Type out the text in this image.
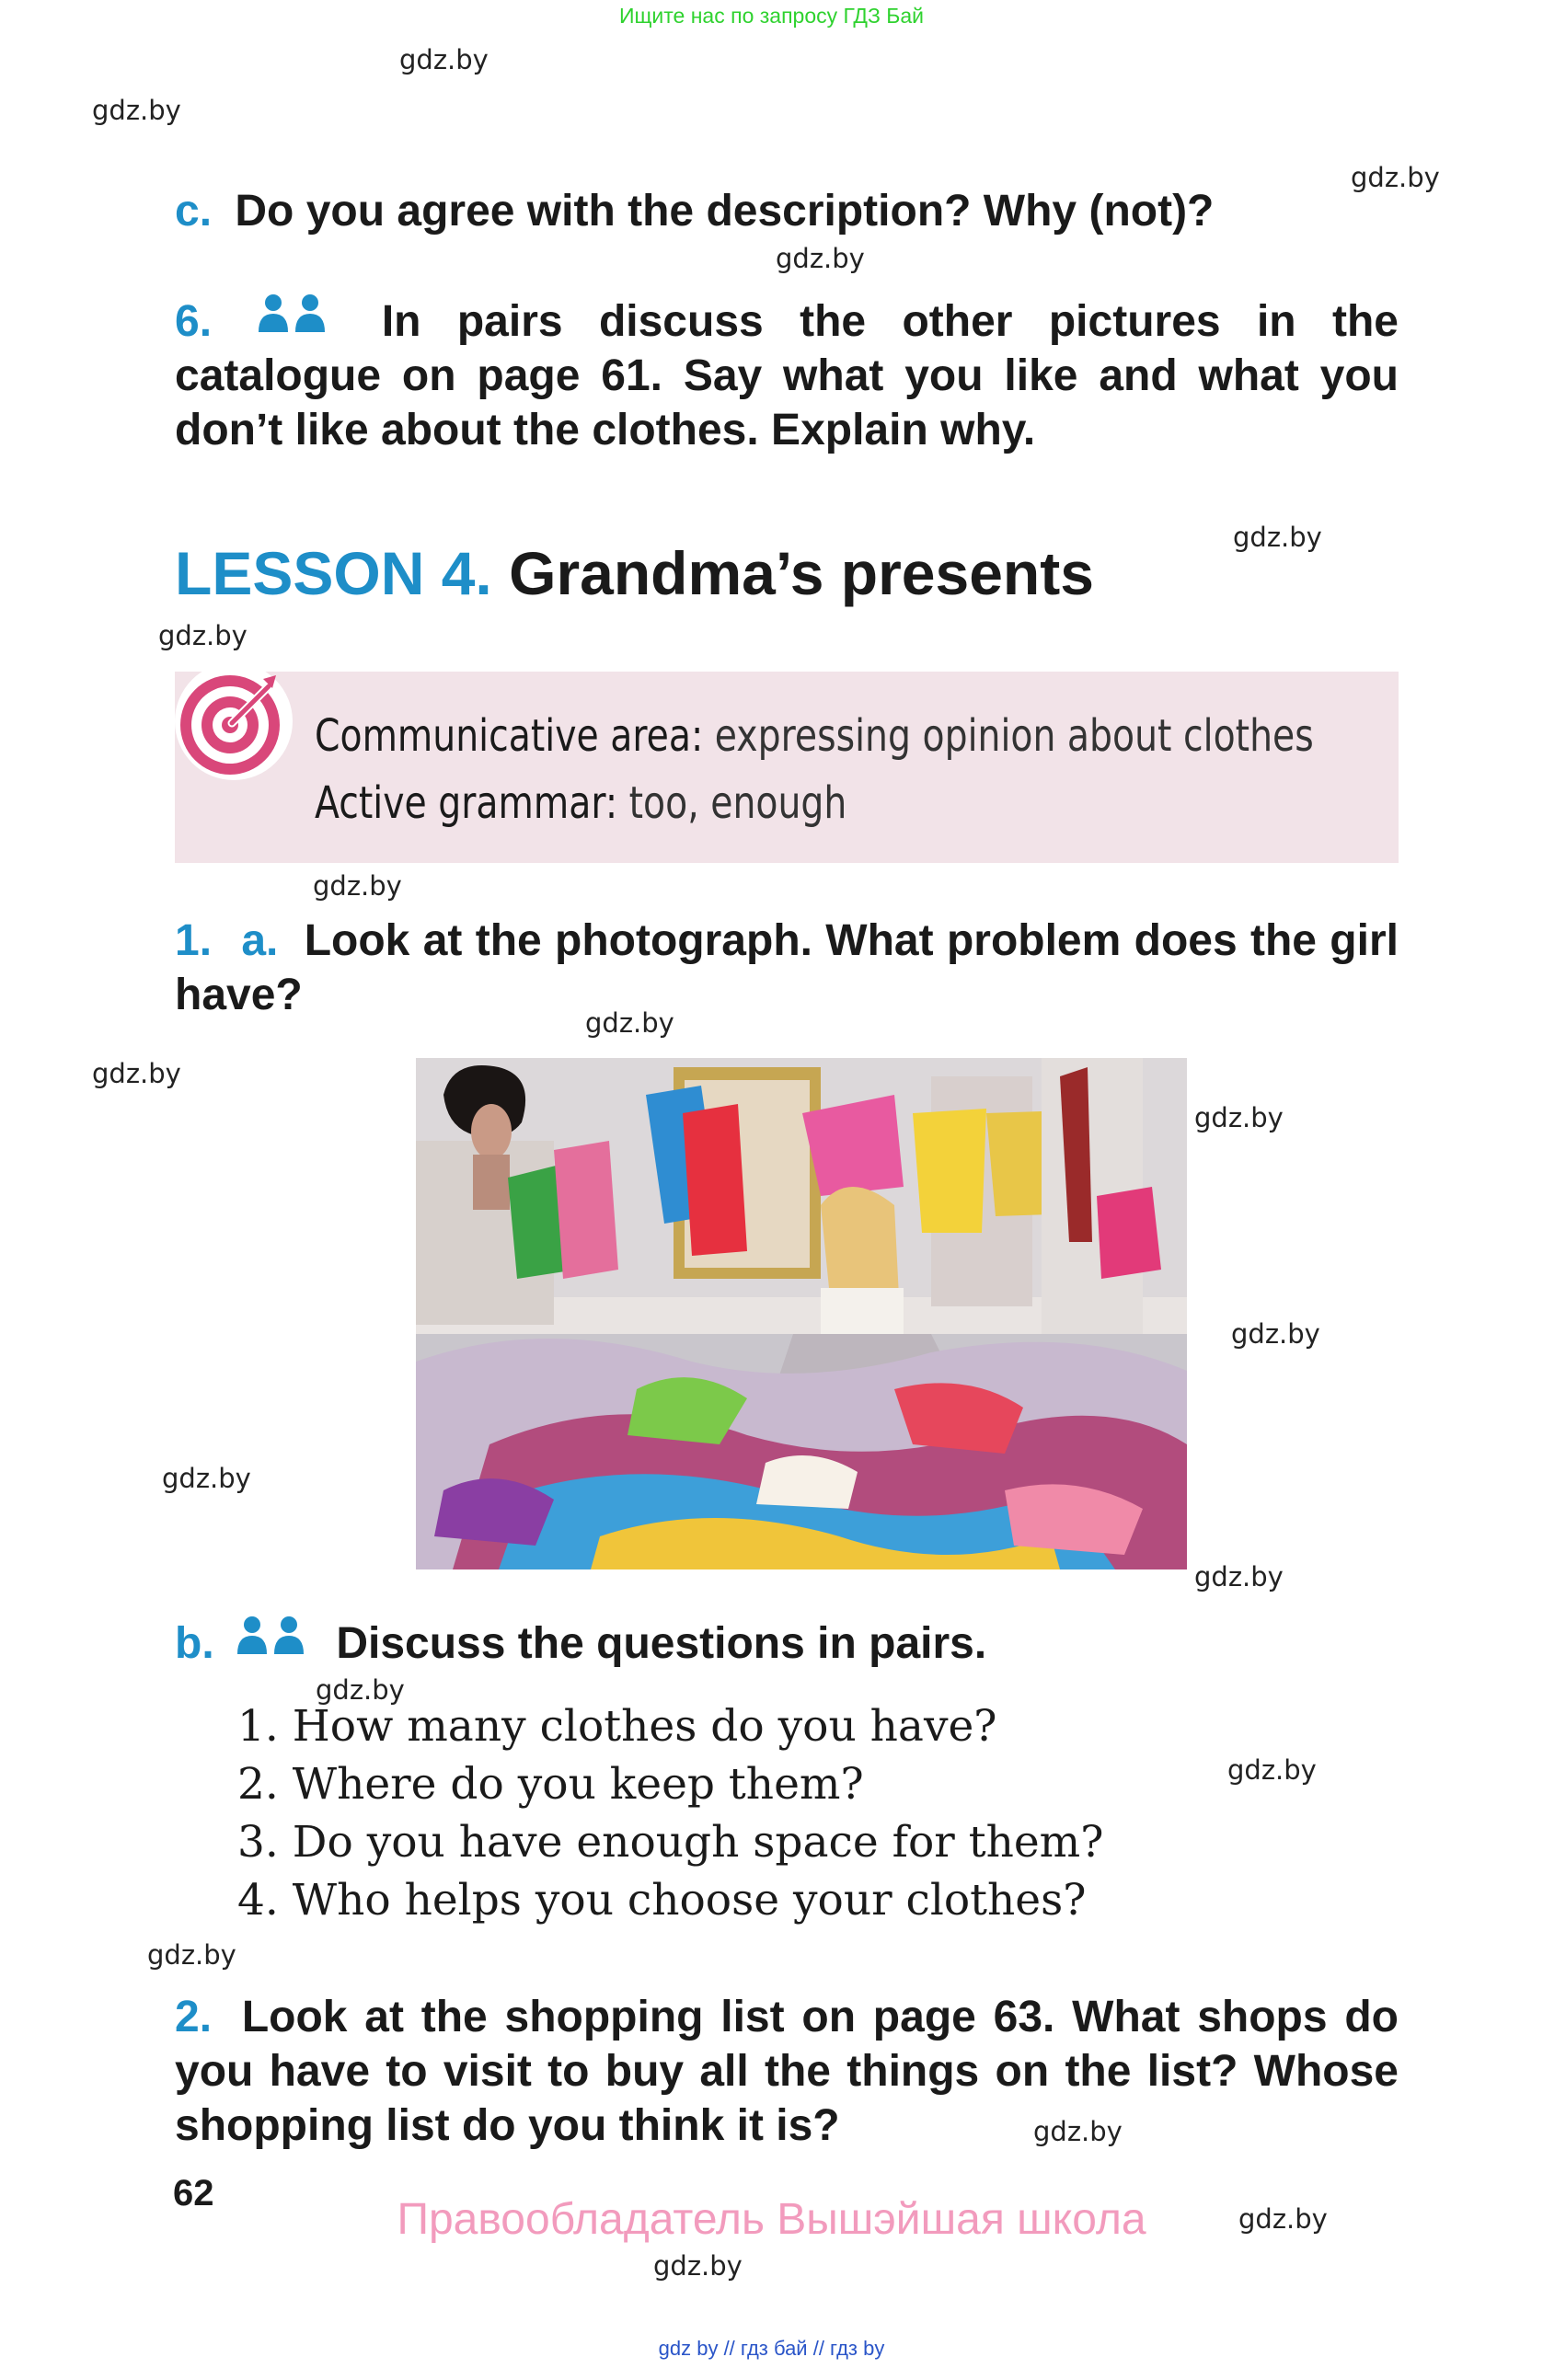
Ищите нас по запросу ГДЗ Бай
gdz.by
gdz.by
gdz.by
gdz.by
gdz.by
gdz.by
gdz.by
gdz.by
gdz.by
gdz.by
gdz.by
gdz.by
gdz.by
gdz.by
gdz.by
gdz.by
gdz.by
gdz.by
gdz.by
c. Do you agree with the description? Why (not)?
6.	In pairs discuss the other pictures in the catalogue on page 61. Say what you like and what you don’t like about the clothes. Explain why.
LESSON 4. Grandma’s presents
Communicative area: expressing opinion about clothes
Active grammar: too, enough
1. a. Look at the photograph. What problem does the girl have?
b.	Discuss the questions in pairs.
1. How many clothes do you have?
2. Where do you keep them?
3. Do you have enough space for them?
4. Who helps you choose your clothes?
2. Look at the shopping list on page 63. What shops do you have to visit to buy all the things on the list? Whose shopping list do you think it is?
62
Правообладатель Вышэйшая школа
gdz by // гдз бай // гдз by
